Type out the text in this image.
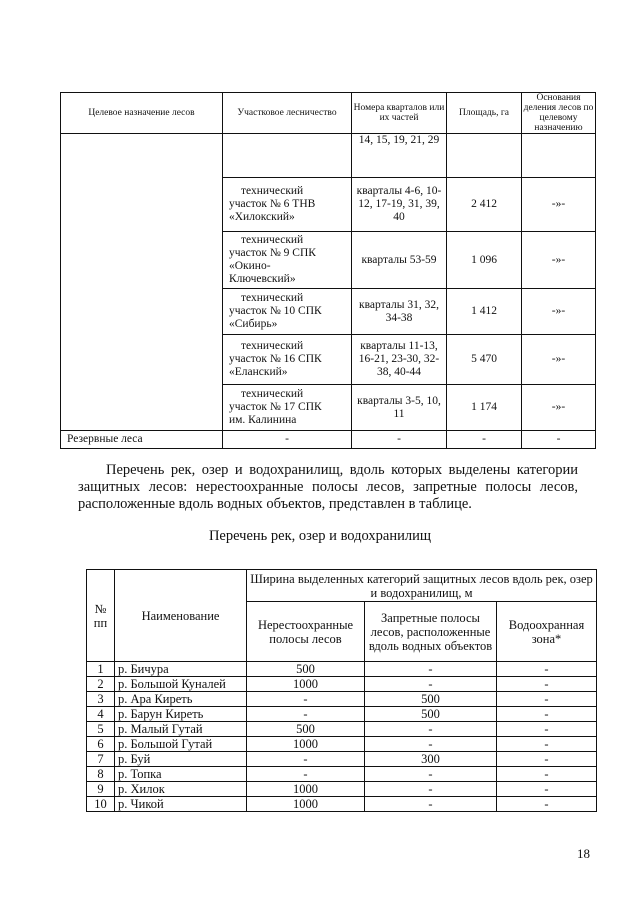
Целевое назначение лесов	Участковое лесничество	Номера кварталов или их частей	Площадь, га	Основания деления лесов по целевому назначению
		14, 15, 19, 21, 29		

	технический
участок № 6 ТНВ
«Хилокский»	кварталы 4-6, 10-12, 17-19, 31, 39, 40	2 412	-»-

	технический
участок № 9 СПК
«Окино-
Ключевский»	кварталы 53-59	1 096	-»-

	технический
участок № 10 СПК
«Сибирь»	кварталы 31, 32, 34-38	1 412	-»-

	технический
участок № 16 СПК
«Еланский»	кварталы 11-13, 16-21, 23-30, 32-38, 40-44	5 470	-»-

	технический
участок № 17 СПК
им. Калинина	кварталы 3-5, 10, 11	1 174	-»-
Резервные леса	-	-	-	-
Перечень рек, озер и водохранилищ, вдоль которых выделены категории защитных лесов: нерестоохранные полосы лесов, запретные полосы лесов, расположенные вдоль водных объектов, представлен в таблице.
Перечень рек, озер и водохранилищ
№ пп	Наименование	Ширина выделенных категорий защитных лесов вдоль рек, озер и водохранилищ, м		
		Нерестоохранные полосы лесов	Запретные полосы лесов, расположенные вдоль водных объектов	Водоохранная зона*
1	р. Бичура	500	-	-
2	р. Большой Куналей	1000	-	-
3	р. Ара Киреть	-	500	-
4	р. Барун Киреть	-	500	-
5	р. Малый Гутай	500	-	-
6	р. Большой Гутай	1000	-	-
7	р. Буй	-	300	-
8	р. Топка	-	-	-
9	р. Хилок	1000	-	-
10	р. Чикой	1000	-	-
18
